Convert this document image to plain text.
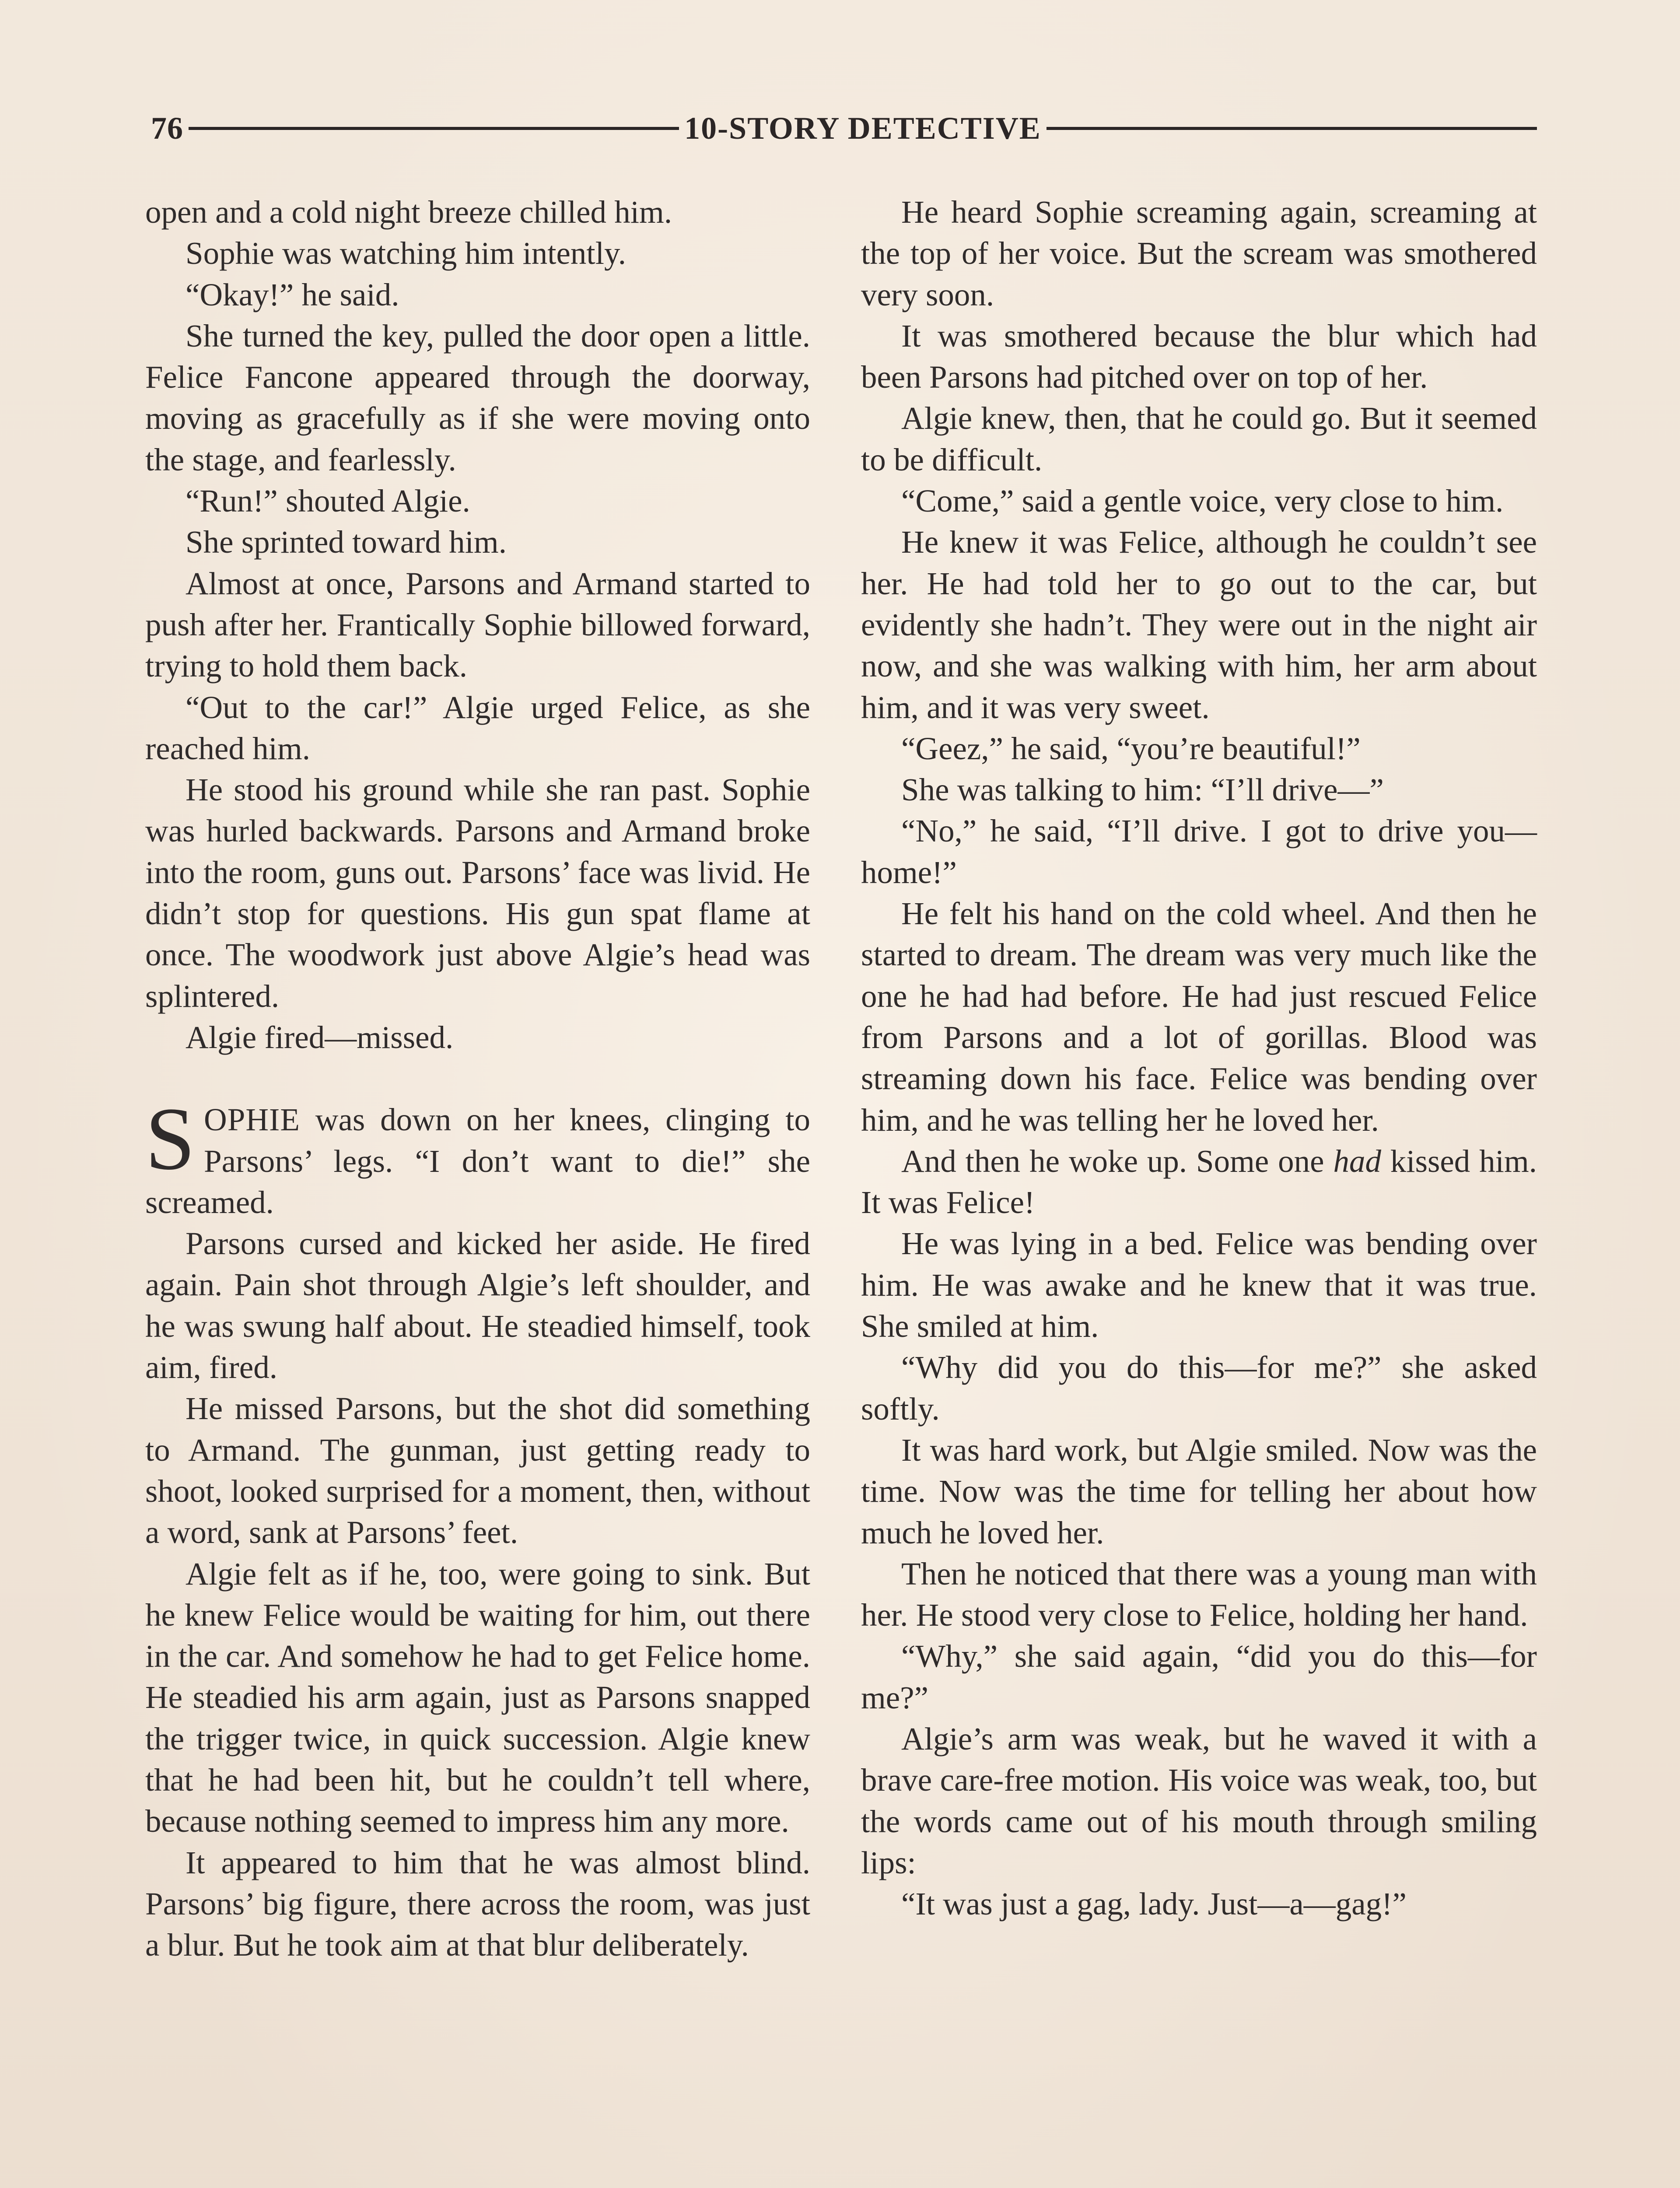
76	10-STORY DETECTIVE

open and a cold night breeze chilled him.

Sophie was watching him intently.

“Okay!” he said.

She turned the key, pulled the door open a little. Felice Fancone appeared through the doorway, moving as gracefully as if she were moving onto the stage, and fearlessly.

“Run!” shouted Algie.

She sprinted toward him.

Almost at once, Parsons and Armand started to push after her. Frantically Sophie billowed forward, trying to hold them back.

“Out to the car!” Algie urged Felice, as she reached him.

He stood his ground while she ran past. Sophie was hurled backwards. Parsons and Armand broke into the room, guns out. Parsons’ face was livid. He didn’t stop for questions. His gun spat flame at once. The woodwork just above Algie’s head was splintered.

Algie fired—missed.

SOPHIE was down on her knees, clinging to Parsons’ legs. “I don’t want to die!” she screamed.

Parsons cursed and kicked her aside. He fired again. Pain shot through Algie’s left shoulder, and he was swung half about. He steadied himself, took aim, fired.

He missed Parsons, but the shot did something to Armand. The gunman, just getting ready to shoot, looked surprised for a moment, then, without a word, sank at Parsons’ feet.

Algie felt as if he, too, were going to sink. But he knew Felice would be waiting for him, out there in the car. And somehow he had to get Felice home. He steadied his arm again, just as Parsons snapped the trigger twice, in quick succession. Algie knew that he had been hit, but he couldn’t tell where, because nothing seemed to impress him any more.

It appeared to him that he was almost blind. Parsons’ big figure, there across the room, was just a blur. But he took aim at that blur deliberately.

He heard Sophie screaming again, screaming at the top of her voice. But the scream was smothered very soon.

It was smothered because the blur which had been Parsons had pitched over on top of her.

Algie knew, then, that he could go. But it seemed to be difficult.

“Come,” said a gentle voice, very close to him.

He knew it was Felice, although he couldn’t see her. He had told her to go out to the car, but evidently she hadn’t. They were out in the night air now, and she was walking with him, her arm about him, and it was very sweet.

“Geez,” he said, “you’re beautiful!”

She was talking to him: “I’ll drive—”

“No,” he said, “I’ll drive. I got to drive you—home!”

He felt his hand on the cold wheel. And then he started to dream. The dream was very much like the one he had had before. He had just rescued Felice from Parsons and a lot of gorillas. Blood was streaming down his face. Felice was bending over him, and he was telling her he loved her.

And then he woke up. Some one had kissed him. It was Felice!

He was lying in a bed. Felice was bending over him. He was awake and he knew that it was true. She smiled at him.

“Why did you do this—for me?” she asked softly.

It was hard work, but Algie smiled. Now was the time. Now was the time for telling her about how much he loved her.

Then he noticed that there was a young man with her. He stood very close to Felice, holding her hand.

“Why,” she said again, “did you do this—for me?”

Algie’s arm was weak, but he waved it with a brave care-free motion. His voice was weak, too, but the words came out of his mouth through smiling lips:

“It was just a gag, lady. Just—a—gag!”
